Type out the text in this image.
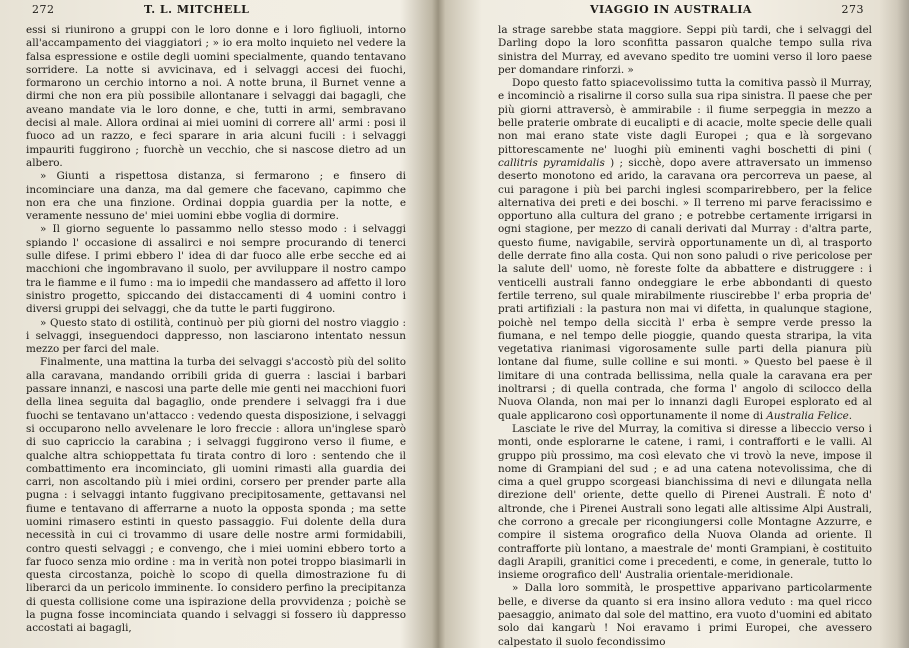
272	T. L. MITCHELL

essi si riunirono a gruppi con le loro donne e i loro figliuoli, intorno all'accampamento dei viaggiatori ; » io era molto inquieto nel vedere la falsa espressione e ostile degli uomini specialmente, quando tentavano sorridere. La notte si avvicinava, ed i selvaggi accesi dei fuochi, formarono un cerchio intorno a noi. A notte bruna, il Burnet venne a dirmi che non era più possibile allontanare i selvaggi dai bagagli, che aveano mandate via le loro donne, e che, tutti in armi, sembravano decisi al male. Allora ordinai ai miei uomini di correre all' armi : posi il fuoco ad un razzo, e feci sparare in aria alcuni fucili : i selvaggi impauriti fuggirono ; fuorchè un vecchio, che si nascose dietro ad un albero.

» Giunti a rispettosa distanza, si fermarono ; e finsero di incominciare una danza, ma dal gemere che facevano, capimmo che non era che una finzione. Ordinai doppia guardia per la notte, e veramente nessuno de' miei uomini ebbe voglia di dormire.

» Il giorno seguente lo passammo nello stesso modo : i selvaggi spiando l' occasione di assalirci e noi sempre procurando di tenerci sulle difese. I primi ebbero l' idea di dar fuoco alle erbe secche ed ai macchioni che ingombravano il suolo, per avviluppare il nostro campo tra le fiamme e il fumo : ma io impedii che mandassero ad affetto il loro sinistro progetto, spiccando dei distaccamenti di 4 uomini contro i diversi gruppi dei selvaggi, che da tutte le parti fuggirono.

» Questo stato di ostilità, continuò per più giorni del nostro viaggio : i selvaggi, inseguendoci dappresso, non lasciarono intentato nessun mezzo per farci del male.

Finalmente, una mattina la turba dei selvaggi s'accostò più del solito alla caravana, mandando orribili grida di guerra : lasciai i barbari passare innanzi, e nascosi una parte delle mie genti nei macchioni fuori della linea seguita dal bagaglio, onde prendere i selvaggi fra i due fuochi se tentavano un'attacco : vedendo questa disposizione, i selvaggi si occuparono nello avvelenare le loro freccie : allora un'inglese sparò di suo capriccio la carabina ; i selvaggi fuggirono verso il fiume, e qualche altra schioppettata fu tirata contro di loro : sentendo che il combattimento era incominciato, gli uomini rimasti alla guardia dei carri, non ascoltando più i miei ordini, corsero per prender parte alla pugna : i selvaggi intanto fuggivano precipitosamente, gettavansi nel fiume e tentavano di afferrarne a nuoto la opposta sponda ; ma sette uomini rimasero estinti in questo passaggio. Fui dolente della dura necessità in cui ci trovammo di usare delle nostre armi formidabili, contro questi selvaggi ; e convengo, che i miei uomini ebbero torto a far fuoco senza mio ordine : ma in verità non potei troppo biasimarli in questa circostanza, poichè lo scopo di quella dimostrazione fu di liberarci da un pericolo imminente. Io considero perfino la precipitanza di questa collisione come una ispirazione della provvidenza ; poichè se la pugna fosse incominciata quando i selvaggi si fossero iù dappresso accostati ai bagagli,

VIAGGIO IN AUSTRALIA	273

la strage sarebbe stata maggiore. Seppi più tardi, che i selvaggi del Darling dopo la loro sconfitta passaron qualche tempo sulla riva sinistra del Murray, ed avevano spedito tre uomini verso il loro paese per domandare rinforzi. »

Dopo questo fatto spiacevolissimo tutta la comitiva passò il Murray, e incominciò a risalirne il corso sulla sua ripa sinistra. Il paese che per più giorni attraversò, è ammirabile : il fiume serpeggia in mezzo a belle praterie ombrate di eucalipti e di acacie, molte specie delle quali non mai erano state viste dagli Europei ; qua e là sorgevano pittorescamente ne' luoghi più eminenti vaghi boschetti di pini ( callitris pyramidalis ) ; sicchè, dopo avere attraversato un immenso deserto monotono ed arido, la caravana ora percorreva un paese, al cui paragone i più bei parchi inglesi scomparirebbero, per la felice alternativa dei preti e dei boschi. » Il terreno mi parve feracissimo e opportuno alla cultura del grano ; e potrebbe certamente irrigarsi in ogni stagione, per mezzo di canali derivati dal Murray : d'altra parte, questo fiume, navigabile, servirà opportunamente un dì, al trasporto delle derrate fino alla costa. Qui non sono paludi o rive pericolose per la salute dell' uomo, nè foreste folte da abbattere e distruggere : i venticelli australi fanno ondeggiare le erbe abbondanti di questo fertile terreno, sul quale mirabilmente riuscirebbe l' erba propria de' prati artifiziali : la pastura non mai vi difetta, in qualunque stagione, poichè nel tempo della siccità l' erba è sempre verde presso la fiumana, e nel tempo delle pioggie, quando questa straripa, la vita vegetativa rianimasi vigorosamente sulle parti della pianura più lontane dal fiume, sulle colline e sui monti. » Questo bel paese è il limitare di una contrada bellissima, nella quale la caravana era per inoltrarsi ; di quella contrada, che forma l' angolo di scilocco della Nuova Olanda, non mai per lo innanzi dagli Europei esplorato ed al quale applicarono così opportunamente il nome di Australia Felice.

Lasciate le rive del Murray, la comitiva si diresse a libeccio verso i monti, onde esplorarne le catene, i rami, i contrafforti e le valli. Al gruppo più prossimo, ma così elevato che vi trovò la neve, impose il nome di Grampiani del sud ; e ad una catena notevolissima, che di cima a quel gruppo scorgeasi bianchissima di nevi e dilungata nella direzione dell' oriente, dette quello di Pirenei Australi. È noto d' altronde, che i Pirenei Australi sono legati alle altissime Alpi Australi, che corrono a grecale per ricongiungersi colle Montagne Azzurre, e compire il sistema orografico della Nuova Olanda ad oriente. Il contrafforte più lontano, a maestrale de' monti Grampiani, è costituito dagli Arapili, granitici come i precedenti, e come, in generale, tutto lo insieme orografico dell' Australia orientale-meridionale.

» Dalla loro sommità, le prospettive apparivano particolarmente belle, e diverse da quanto si era insino allora veduto : ma quel ricco paesaggio, animato dal sole del mattino, era vuoto d'uomini ed abitato solo dai kangarù ! Noi eravamo i primi Europei, che avessero calpestato il suolo fecondissimo
